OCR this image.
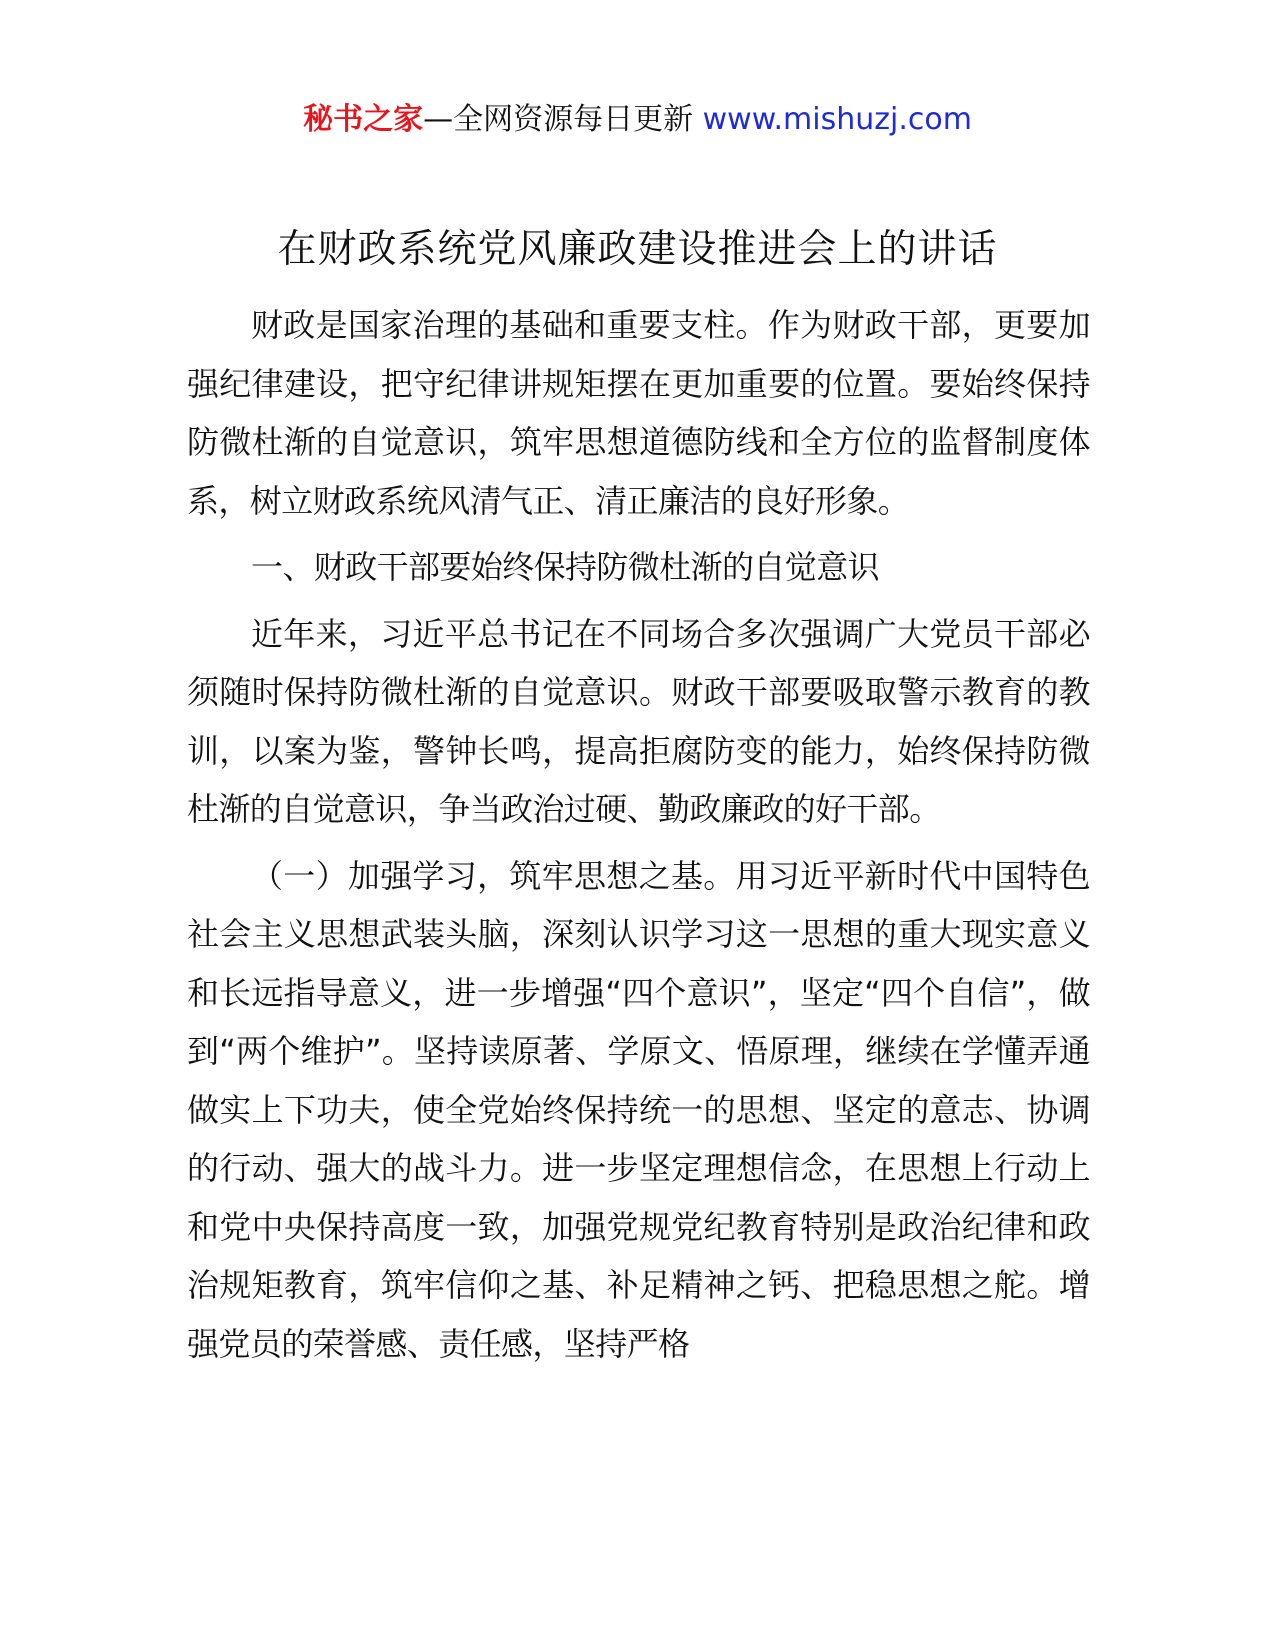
秘书之家—全网资源每日更新 www.mishuzj.com
在财政系统党风廉政建设推进会上的讲话

财政是国家治理的基础和重要支柱。作为财政干部，更要加强纪律建设，把守纪律讲规矩摆在更加重要的位置。要始终保持防微杜渐的自觉意识，筑牢思想道德防线和全方位的监督制度体系，树立财政系统风清气正、清正廉洁的良好形象。

一、财政干部要始终保持防微杜渐的自觉意识

近年来，习近平总书记在不同场合多次强调广大党员干部必须随时保持防微杜渐的自觉意识。财政干部要吸取警示教育的教训，以案为鉴，警钟长鸣，提高拒腐防变的能力，始终保持防微杜渐的自觉意识，争当政治过硬、勤政廉政的好干部。

（一）加强学习，筑牢思想之基。用习近平新时代中国特色社会主义思想武装头脑，深刻认识学习这一思想的重大现实意义和长远指导意义，进一步增强“四个意识”，坚定“四个自信”，做到“两个维护”。坚持读原著、学原文、悟原理，继续在学懂弄通做实上下功夫，使全党始终保持统一的思想、坚定的意志、协调的行动、强大的战斗力。进一步坚定理想信念，在思想上行动上和党中央保持高度一致，加强党规党纪教育特别是政治纪律和政治规矩教育，筑牢信仰之基、补足精神之钙、把稳思想之舵。增强党员的荣誉感、责任感，坚持严格
